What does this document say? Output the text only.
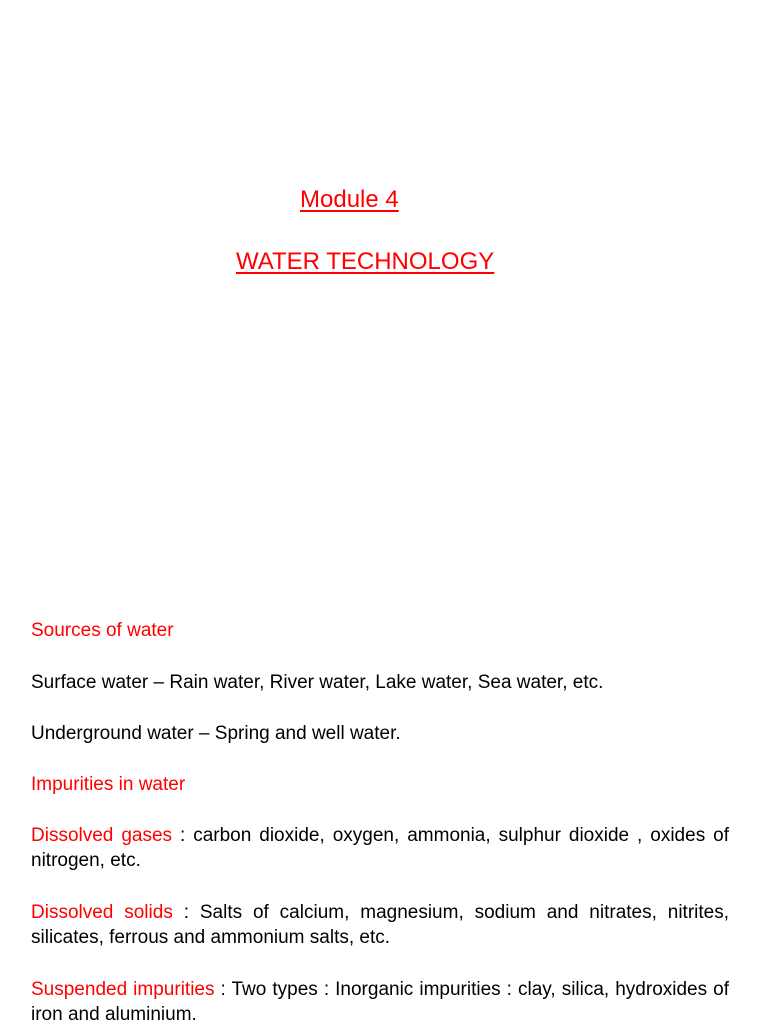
Module 4
WATER TECHNOLOGY
Sources of water
Surface water – Rain water, River water, Lake water, Sea water, etc.
Underground water – Spring and well water.
Impurities in water
Dissolved gases : carbon dioxide, oxygen, ammonia, sulphur dioxide , oxides of nitrogen, etc.
Dissolved solids : Salts of calcium, magnesium, sodium and nitrates, nitrites, silicates, ferrous and ammonium salts, etc.
Suspended impurities : Two types : Inorganic impurities : clay, silica, hydroxides of iron and aluminium.
